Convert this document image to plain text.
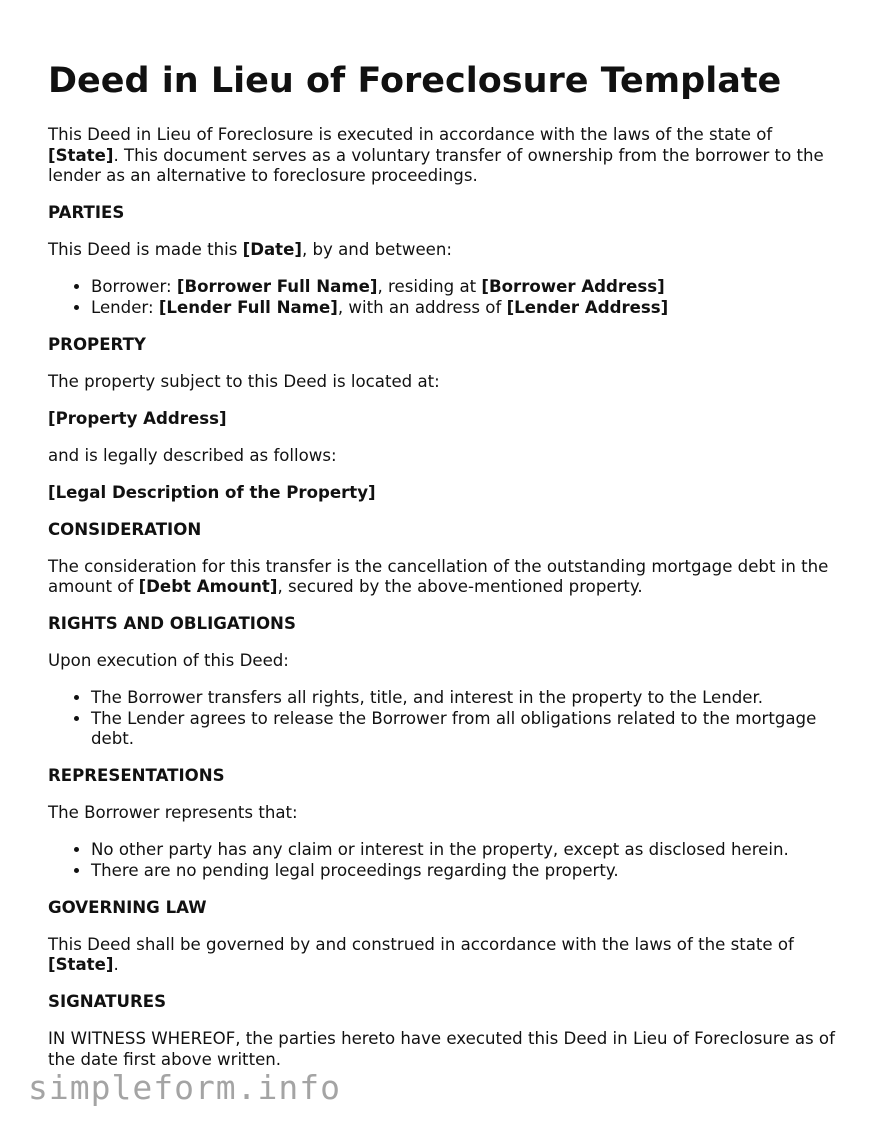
Deed in Lieu of Foreclosure Template

This Deed in Lieu of Foreclosure is executed in accordance with the laws of the state of [State]. This document serves as a voluntary transfer of ownership from the borrower to the lender as an alternative to foreclosure proceedings.

PARTIES

This Deed is made this [Date], by and between:

• Borrower: [Borrower Full Name], residing at [Borrower Address]
• Lender: [Lender Full Name], with an address of [Lender Address]
PROPERTY

The property subject to this Deed is located at:

[Property Address]

and is legally described as follows:

[Legal Description of the Property]

CONSIDERATION

The consideration for this transfer is the cancellation of the outstanding mortgage debt in the amount of [Debt Amount], secured by the above-mentioned property.

RIGHTS AND OBLIGATIONS

Upon execution of this Deed:

• The Borrower transfers all rights, title, and interest in the property to the Lender.
• The Lender agrees to release the Borrower from all obligations related to the mortgage debt.
REPRESENTATIONS

The Borrower represents that:

• No other party has any claim or interest in the property, except as disclosed herein.
• There are no pending legal proceedings regarding the property.
GOVERNING LAW

This Deed shall be governed by and construed in accordance with the laws of the state of [State].

SIGNATURES

IN WITNESS WHEREOF, the parties hereto have executed this Deed in Lieu of Foreclosure as of the date first above written.

simpleform.info
